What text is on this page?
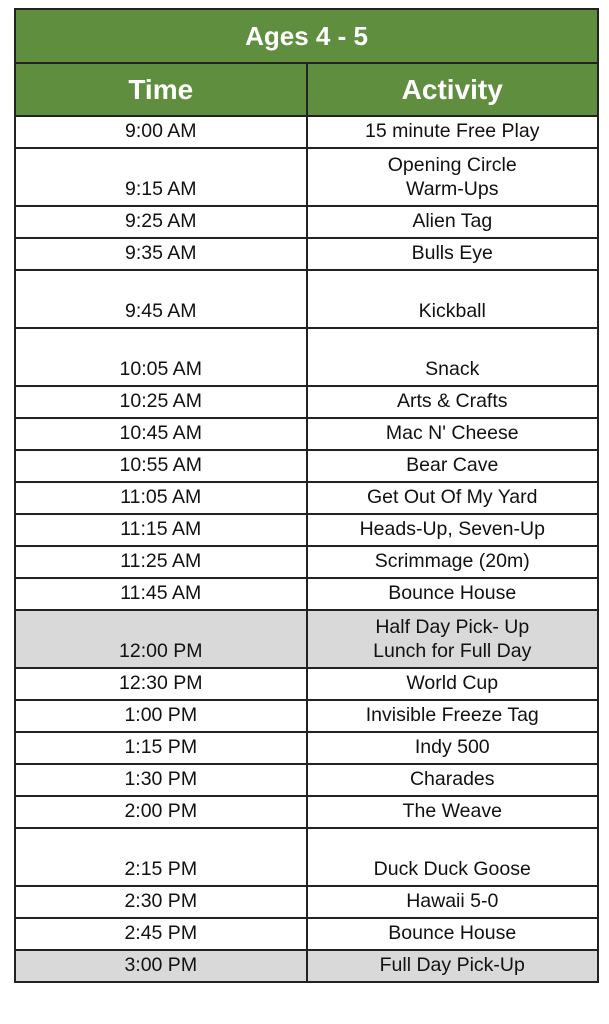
Ages 4 - 5	
Time	Activity
9:00 AM	15 minute Free Play

9:15 AM	Opening Circle
Warm-Ups

9:25 AM	Alien Tag

9:35 AM	Bulls Eye

9:45 AM	Kickball

10:05 AM	Snack

10:25 AM	Arts & Crafts

10:45 AM	Mac N' Cheese

10:55 AM	Bear Cave

11:05 AM	Get Out Of My Yard

11:15 AM	Heads-Up, Seven-Up

11:25 AM	Scrimmage (20m)

11:45 AM	Bounce House

12:00 PM	Half Day Pick- Up
Lunch for Full Day

12:30 PM	World Cup

1:00 PM	Invisible Freeze Tag

1:15 PM	Indy 500

1:30 PM	Charades

2:00 PM	The Weave

2:15 PM	Duck Duck Goose

2:30 PM	Hawaii 5-0

2:45 PM	Bounce House

3:00 PM	Full Day Pick-Up
